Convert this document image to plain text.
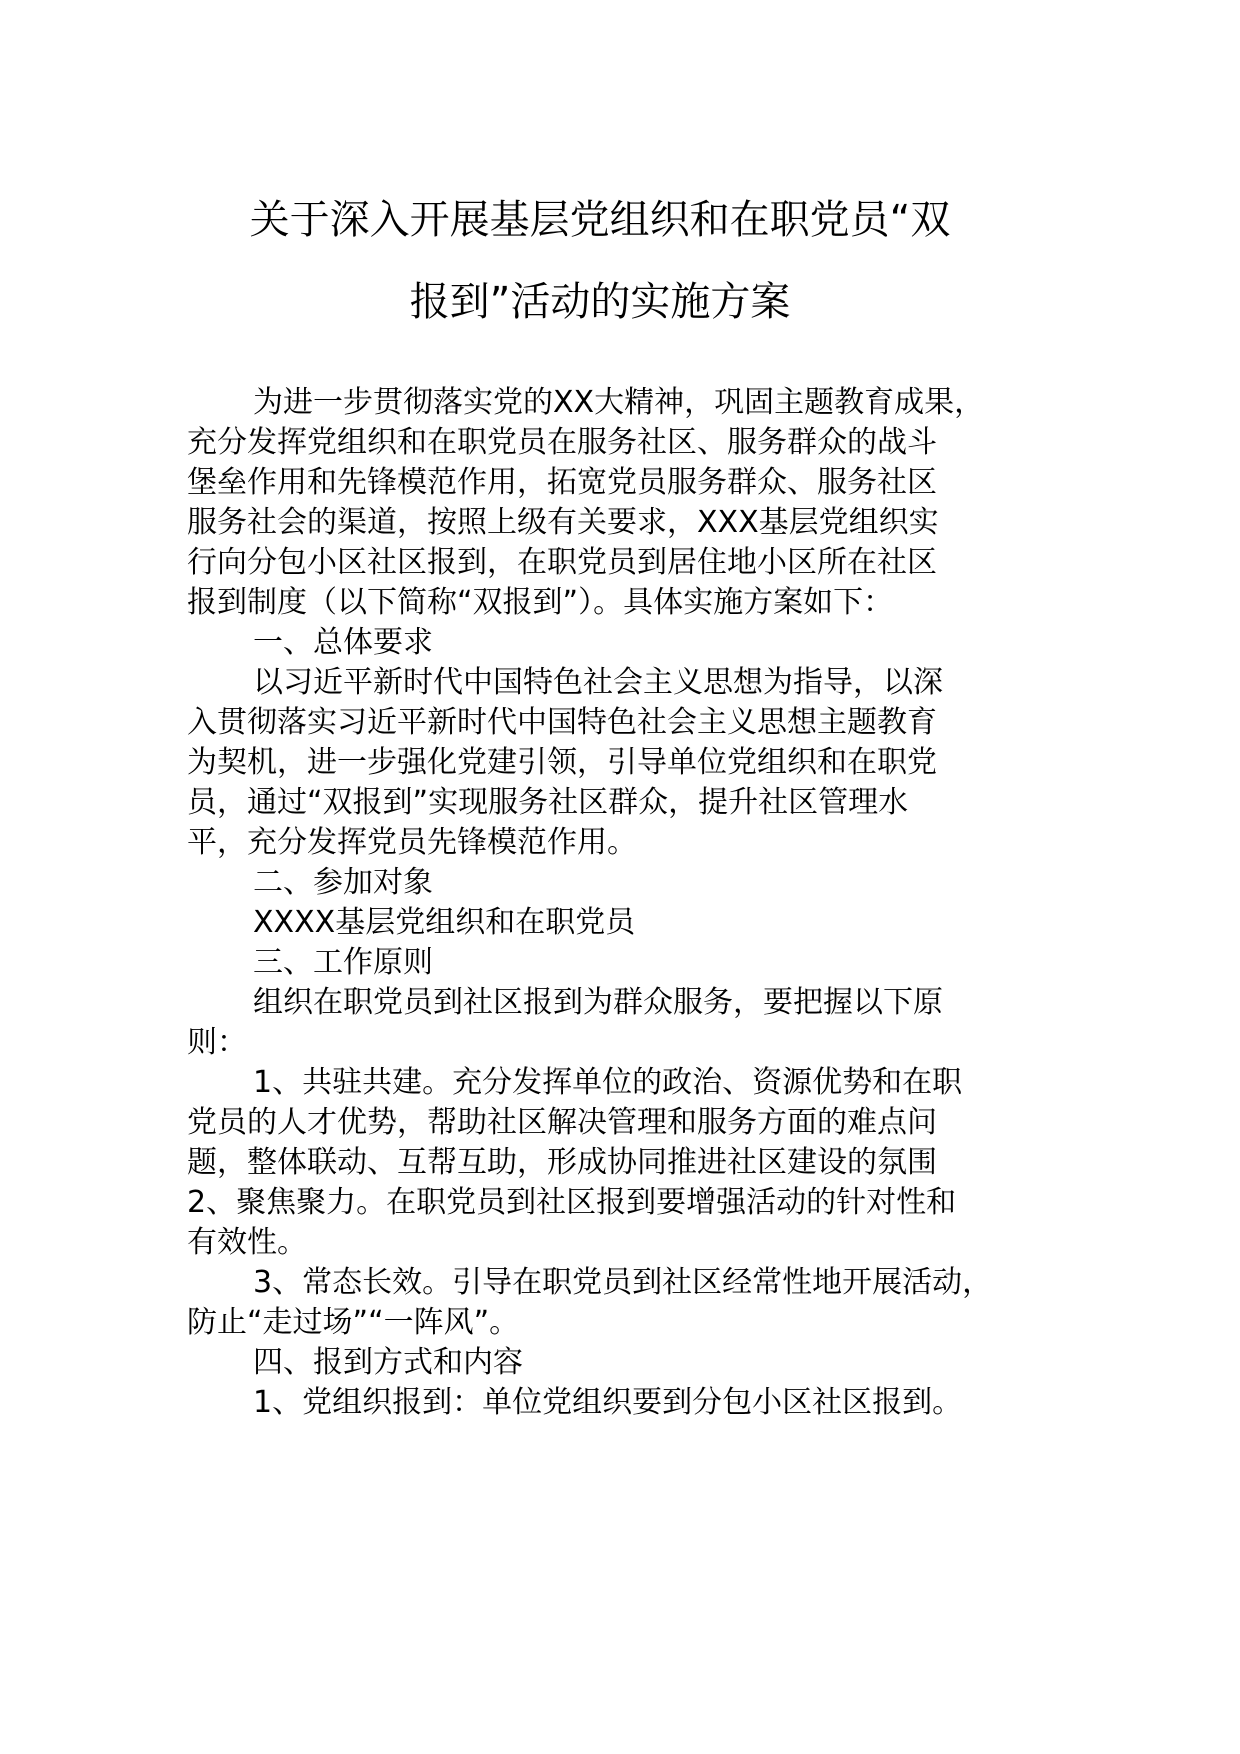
关于深入开展基层党组织和在职党员“双
报到”活动的实施方案
为进一步贯彻落实党的XX大精神，巩固主题教育成果，
充分发挥党组织和在职党员在服务社区、服务群众的战斗
堡垒作用和先锋模范作用，拓宽党员服务群众、服务社区
服务社会的渠道，按照上级有关要求，XXX基层党组织实
行向分包小区社区报到，在职党员到居住地小区所在社区
报到制度（以下简称“双报到”）。具体实施方案如下：
一、总体要求
以习近平新时代中国特色社会主义思想为指导，以深
入贯彻落实习近平新时代中国特色社会主义思想主题教育
为契机，进一步强化党建引领，引导单位党组织和在职党
员，通过“双报到”实现服务社区群众，提升社区管理水
平，充分发挥党员先锋模范作用。
二、参加对象
XXXX基层党组织和在职党员
三、工作原则
组织在职党员到社区报到为群众服务，要把握以下原
则：
1、共驻共建。充分发挥单位的政治、资源优势和在职
党员的人才优势，帮助社区解决管理和服务方面的难点问
题，整体联动、互帮互助，形成协同推进社区建设的氛围
2、聚焦聚力。在职党员到社区报到要增强活动的针对性和
有效性。
3、常态长效。引导在职党员到社区经常性地开展活动，
防止“走过场”“一阵风”。
四、报到方式和内容
1、党组织报到：单位党组织要到分包小区社区报到。
